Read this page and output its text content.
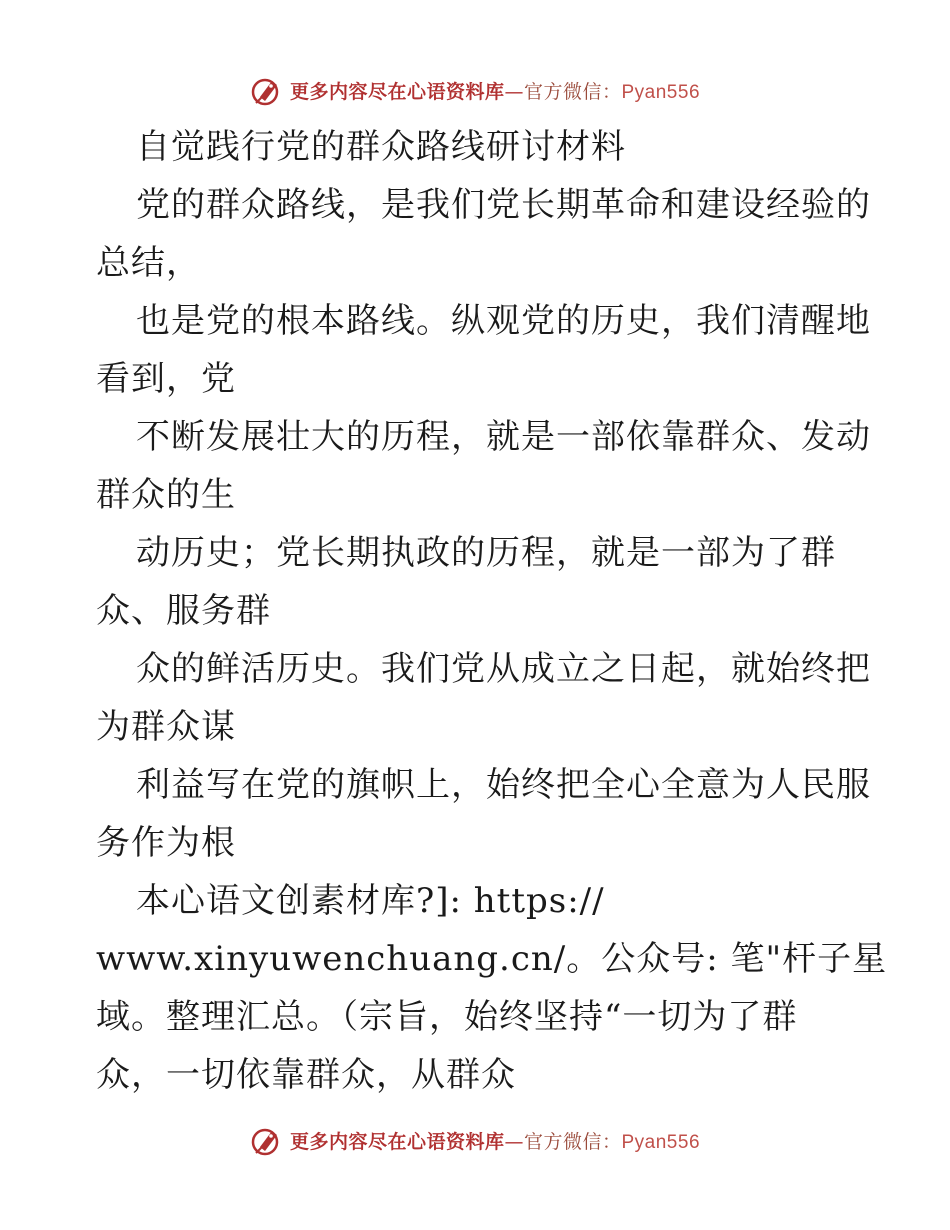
更多内容尽在心语资料库—官方微信：Pyan556
自觉践行党的群众路线研讨材料
党的群众路线，是我们党长期革命和建设经验的
总结，
也是党的根本路线。纵观党的历史，我们清醒地
看到，党
不断发展壮大的历程，就是一部依靠群众、发动
群众的生
动历史；党长期执政的历程，就是一部为了群
众、服务群
众的鲜活历史。我们党从成立之日起，就始终把
为群众谋
利益写在党的旗帜上，始终把全心全意为人民服
务作为根
本心语文创素材库?]: https://
www.xinyuwenchuang.cn/。公众号: 笔"杆子星
域。整理汇总。（宗旨，始终坚持“一切为了群
众，一切依靠群众，从群众
更多内容尽在心语资料库—官方微信：Pyan556
